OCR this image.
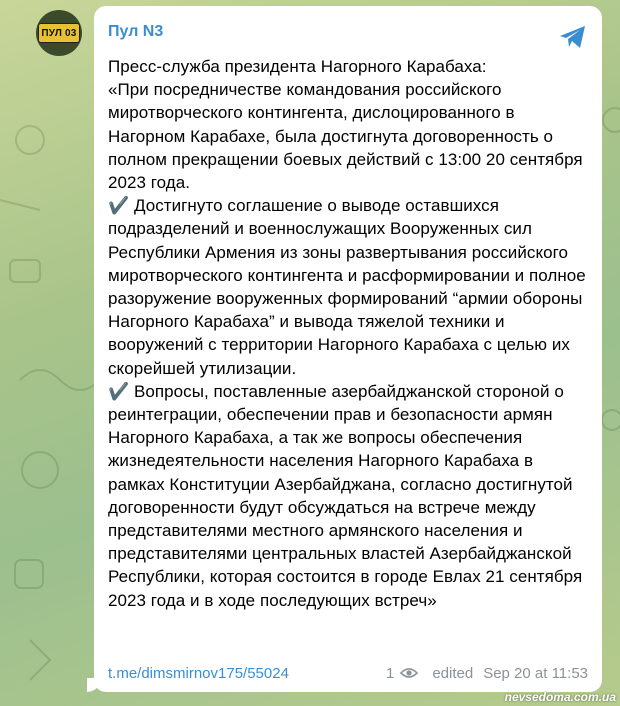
ПУЛ 03 Пул N3
Пресс-служба президента Нагорного Карабаха:
«При посредничестве командования российского миротворческого контингента, дислоцированного в Нагорном Карабахе, была достигнута договоренность о полном прекращении боевых действий с 13:00 20 сентября 2023 года.
✔️ Достигнуто соглашение о выводе оставшихся подразделений и военнослужащих Вооруженных сил Республики Армения из зоны развертывания российского миротворческого контингента и расформировании и полное разоружение вооруженных формирований “армии обороны Нагорного Карабаха” и вывода тяжелой техники и вооружений с территории Нагорного Карабаха с целью их скорейшей утилизации.
✔️ Вопросы, поставленные азербайджанской стороной о реинтеграции, обеспечении прав и безопасности армян Нагорного Карабаха, а так же вопросы обеспечения жизнедеятельности населения Нагорного Карабаха в рамках Конституции Азербайджана, согласно достигнутой договоренности будут обсуждаться на встрече между представителями местного армянского населения и представителями центральных властей Азербайджанской Республики, которая состоится в городе Евлах 21 сентября 2023 года и в ходе последующих встреч»
t.me/dimsmirnov175/55024	1	edited Sep 20 at 11:53
nevsedoma.com.ua
